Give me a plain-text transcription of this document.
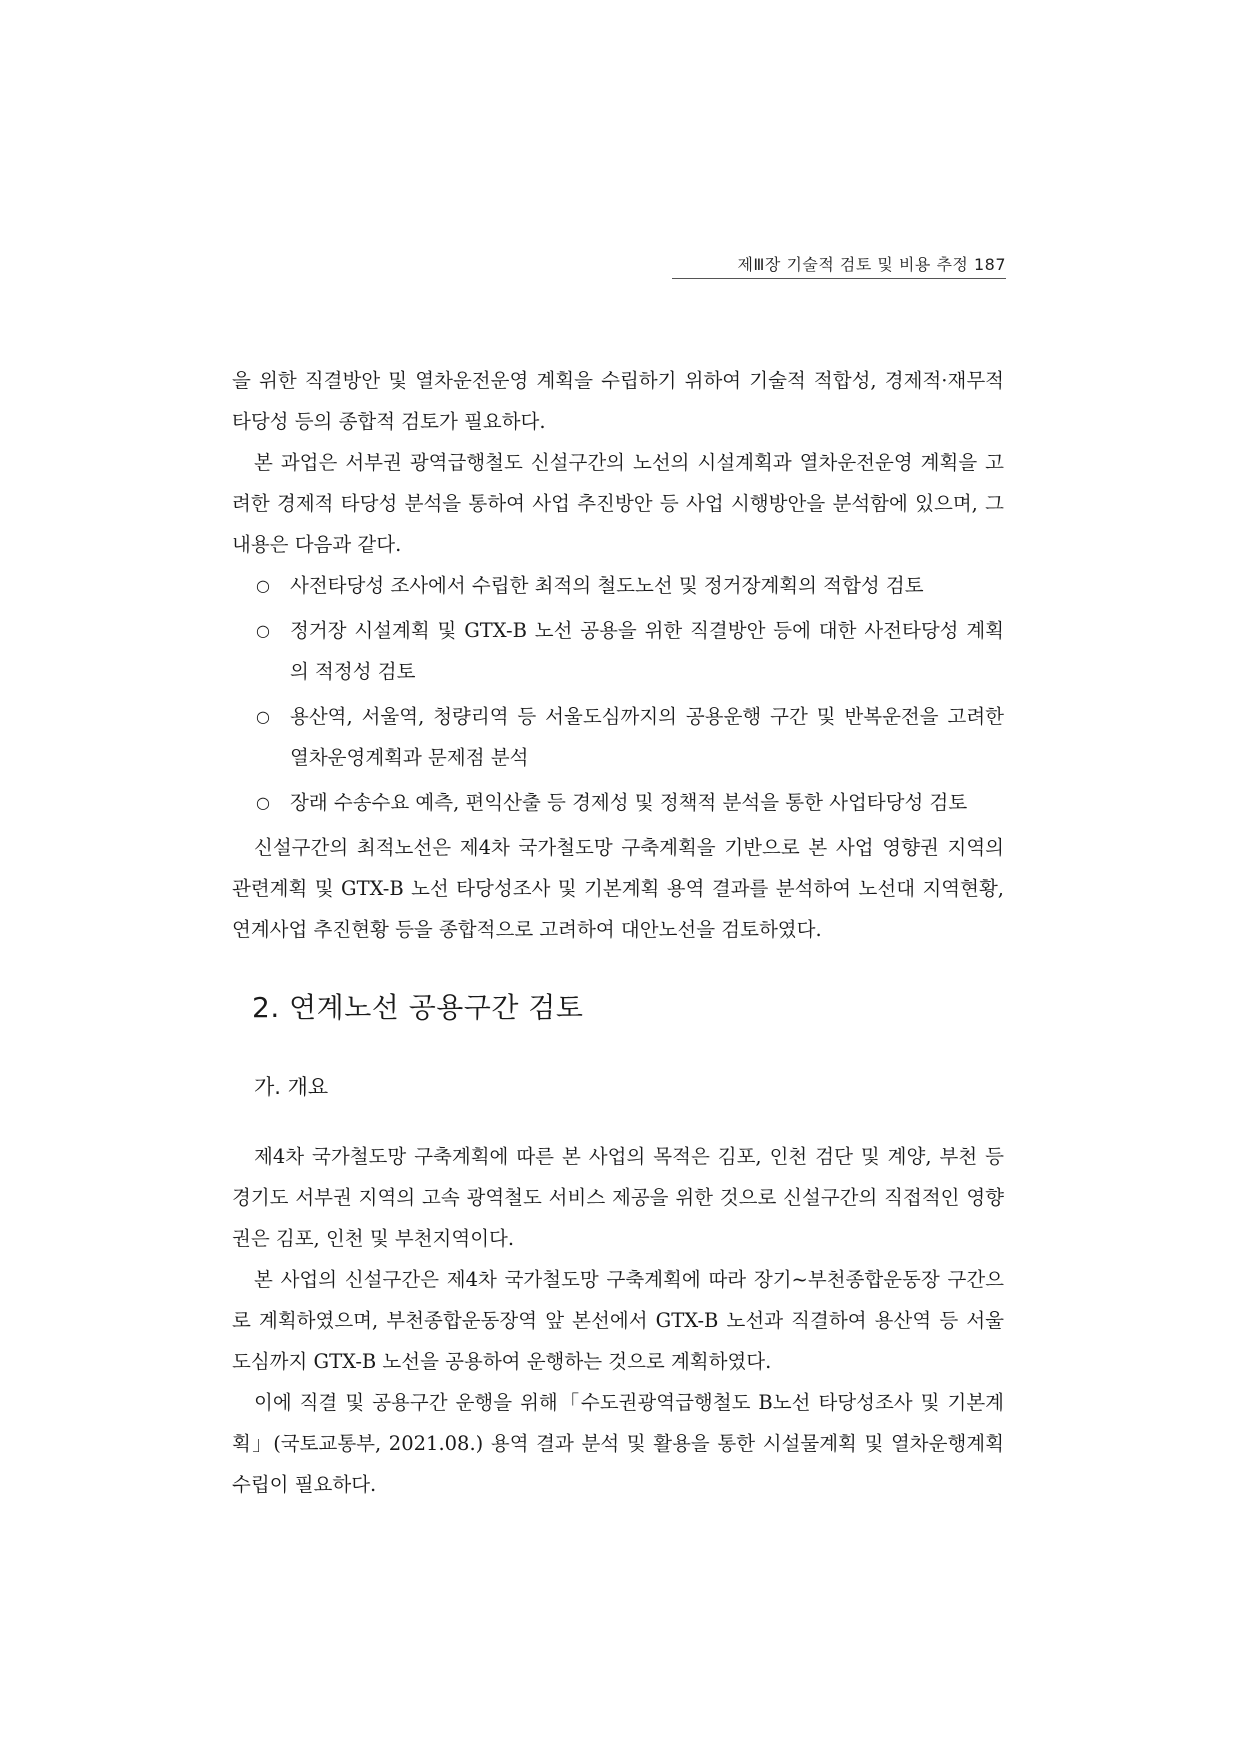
제Ⅲ장 기술적 검토 및 비용 추정 187

을 위한 직결방안 및 열차운전운영 계획을 수립하기 위하여 기술적 적합성, 경제적·재무적 타당성 등의 종합적 검토가 필요하다.

본 과업은 서부권 광역급행철도 신설구간의 노선의 시설계획과 열차운전운영 계획을 고려한 경제적 타당성 분석을 통하여 사업 추진방안 등 사업 시행방안을 분석함에 있으며, 그 내용은 다음과 같다.

○ 사전타당성 조사에서 수립한 최적의 철도노선 및 정거장계획의 적합성 검토
○ 정거장 시설계획 및 GTX-B 노선 공용을 위한 직결방안 등에 대한 사전타당성 계획의 적정성 검토
○ 용산역, 서울역, 청량리역 등 서울도심까지의 공용운행 구간 및 반복운전을 고려한 열차운영계획과 문제점 분석
○ 장래 수송수요 예측, 편익산출 등 경제성 및 정책적 분석을 통한 사업타당성 검토

신설구간의 최적노선은 제4차 국가철도망 구축계획을 기반으로 본 사업 영향권 지역의 관련계획 및 GTX-B 노선 타당성조사 및 기본계획 용역 결과를 분석하여 노선대 지역현황, 연계사업 추진현황 등을 종합적으로 고려하여 대안노선을 검토하였다.

2. 연계노선 공용구간 검토
가. 개요

제4차 국가철도망 구축계획에 따른 본 사업의 목적은 김포, 인천 검단 및 계양, 부천 등 경기도 서부권 지역의 고속 광역철도 서비스 제공을 위한 것으로 신설구간의 직접적인 영향권은 김포, 인천 및 부천지역이다.

본 사업의 신설구간은 제4차 국가철도망 구축계획에 따라 장기~부천종합운동장 구간으로 계획하였으며, 부천종합운동장역 앞 본선에서 GTX-B 노선과 직결하여 용산역 등 서울 도심까지 GTX-B 노선을 공용하여 운행하는 것으로 계획하였다.

이에 직결 및 공용구간 운행을 위해「수도권광역급행철도 B노선 타당성조사 및 기본계획」(국토교통부, 2021.08.) 용역 결과 분석 및 활용을 통한 시설물계획 및 열차운행계획 수립이 필요하다.
